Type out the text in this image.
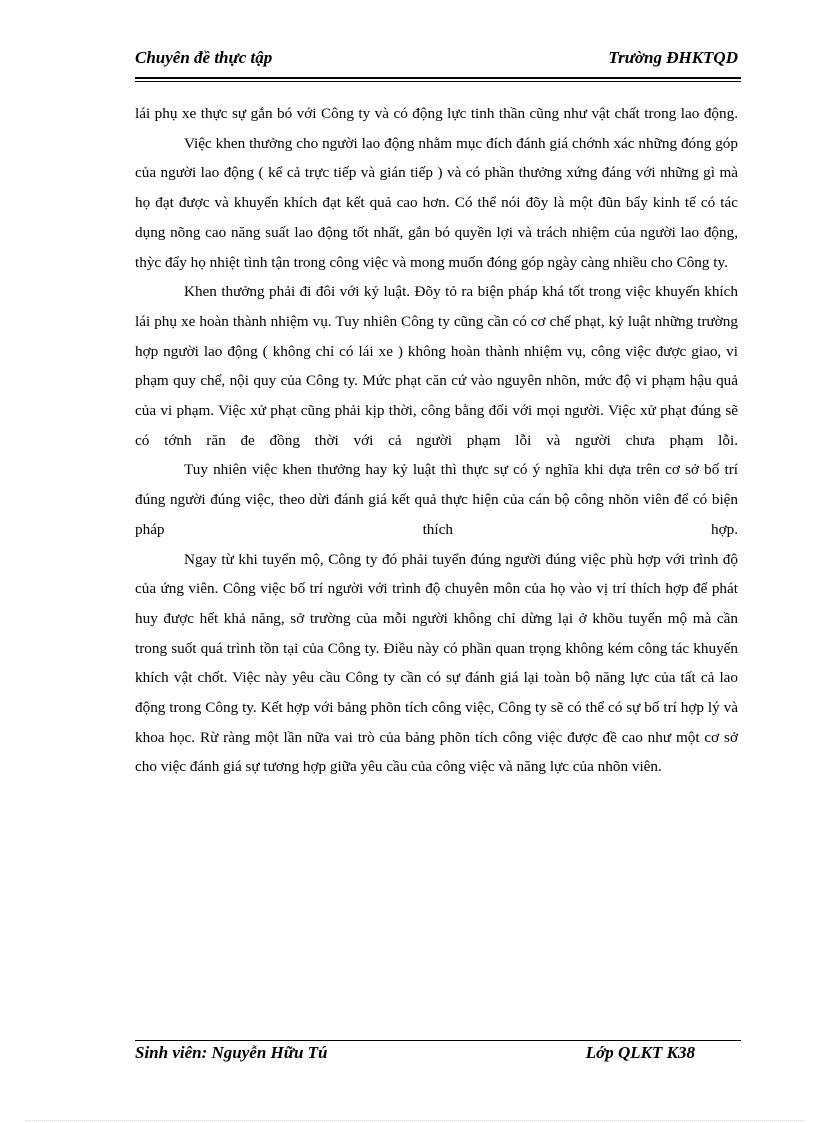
Chuyên đề thực tập	Trường ĐHKTQD

lái phụ xe thực sự gắn bó với Công ty và có động lực tinh thần cũng như vật chất trong lao động.

Việc khen thưởng cho người lao động nhằm mục đích đánh giá chớnh xác những đóng góp của người lao động ( kể cả trực tiếp và gián tiếp ) và có phần thưởng xứng đáng với những gì mà họ đạt được và khuyến khích đạt kết quả cao hơn. Có thể nói đõy là một đũn bẩy kinh tế có tác dụng nõng cao năng suất lao động tốt nhất, gắn bó quyền lợi và trách nhiệm của người lao động, thỳc đẩy họ nhiệt tình tận trong công việc và mong muốn đóng góp ngày càng nhiều cho Công ty.

Khen thưởng phải đi đôi với kỷ luật. Đõy tỏ ra biện pháp khá tốt trong việc khuyến khích lái phụ xe hoàn thành nhiệm vụ. Tuy nhiên Công ty cũng cần có cơ chế phạt, kỷ luật những trường hợp người lao động ( không chỉ có lái xe ) không hoàn thành nhiệm vụ, công việc được giao, vi phạm quy chế, nội quy của Công ty. Mức phạt căn cứ vào nguyên nhõn, mức độ vi phạm hậu quả của vi phạm. Việc xử phạt cũng phải kịp thời, công bằng đối với mọi người. Việc xử phạt đúng sẽ có tớnh răn đe đồng thời với cả người phạm lỗi và người chưa phạm lỗi.

Tuy nhiên việc khen thưởng hay kỷ luật thì thực sự có ý nghĩa khi dựa trên cơ sở bố trí đúng người đúng việc, theo dừi đánh giá kết quả thực hiện của cán bộ công nhõn viên để có biện pháp thích hợp.

Ngay từ khi tuyển mộ, Công ty đó phải tuyển đúng người đúng việc phù hợp với trình độ của ứng viên. Công việc bố trí người với trình độ chuyên môn của họ vào vị trí thích hợp để phát huy được hết khả năng, sở trường của mỗi người không chỉ dừng lại ở khõu tuyển mộ mà cần trong suốt quá trình tồn tại của Công ty. Điều này có phần quan trọng không kém công tác khuyến khích vật chốt. Việc này yêu cầu Công ty cần có sự đánh giá lại toàn bộ năng lực của tất cả lao động trong Công ty. Kết hợp với bảng phõn tích công việc, Công ty sẽ có thể có sự bố trí hợp lý và khoa học. Rừ ràng một lần nữa vai trò của bảng phõn tích công việc được đề cao như một cơ sở cho việc đánh giá sự tương hợp giữa yêu cầu của công việc và năng lực của nhõn viên.

Sinh viên: Nguyễn Hữu Tú	Lớp QLKT K38
